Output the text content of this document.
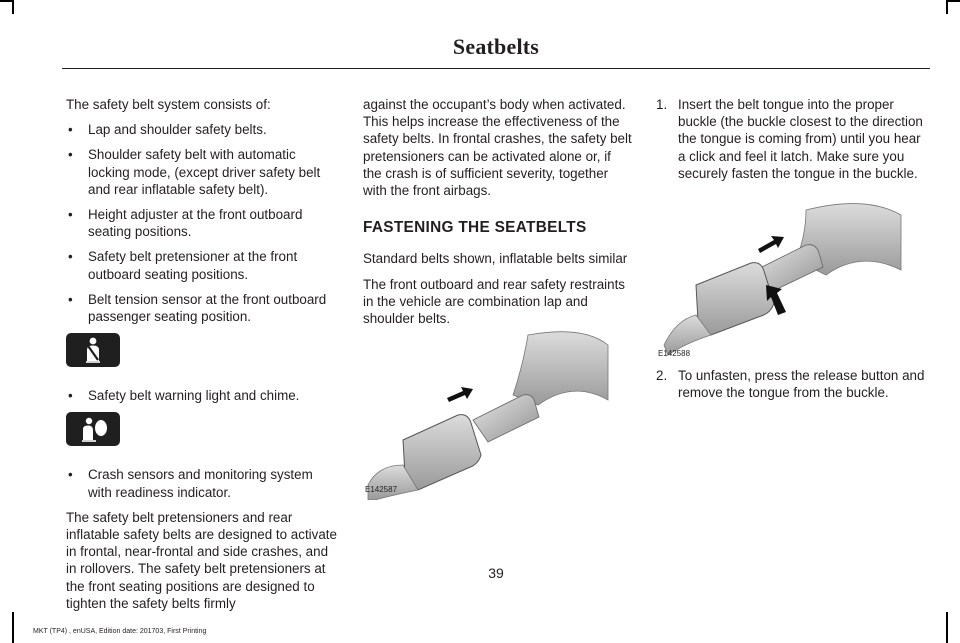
Seatbelts

The safety belt system consists of:

• Lap and shoulder safety belts.
• Shoulder safety belt with automatic locking mode, (except driver safety belt and rear inflatable safety belt).
• Height adjuster at the front outboard seating positions.
• Safety belt pretensioner at the front outboard seating positions.
• Belt tension sensor at the front outboard passenger seating position.
• Safety belt warning light and chime.
• Crash sensors and monitoring system with readiness indicator.

The safety belt pretensioners and rear inflatable safety belts are designed to activate in frontal, near-frontal and side crashes, and in rollovers. The safety belt pretensioners at the front seating positions are designed to tighten the safety belts firmly

against the occupant’s body when activated. This helps increase the effectiveness of the safety belts. In frontal crashes, the safety belt pretensioners can be activated alone or, if the crash is of sufficient severity, together with the front airbags.

FASTENING THE SEATBELTS

Standard belts shown, inflatable belts similar

The front outboard and rear safety restraints in the vehicle are combination lap and shoulder belts.

E142587
1. Insert the belt tongue into the proper buckle (the buckle closest to the direction the tongue is coming from) until you hear a click and feel it latch. Make sure you securely fasten the tongue in the buckle.
E142588
2. To unfasten, press the release button and remove the tongue from the buckle.
39
MKT (TP4) , enUSA, Edition date: 201703, First Printing
